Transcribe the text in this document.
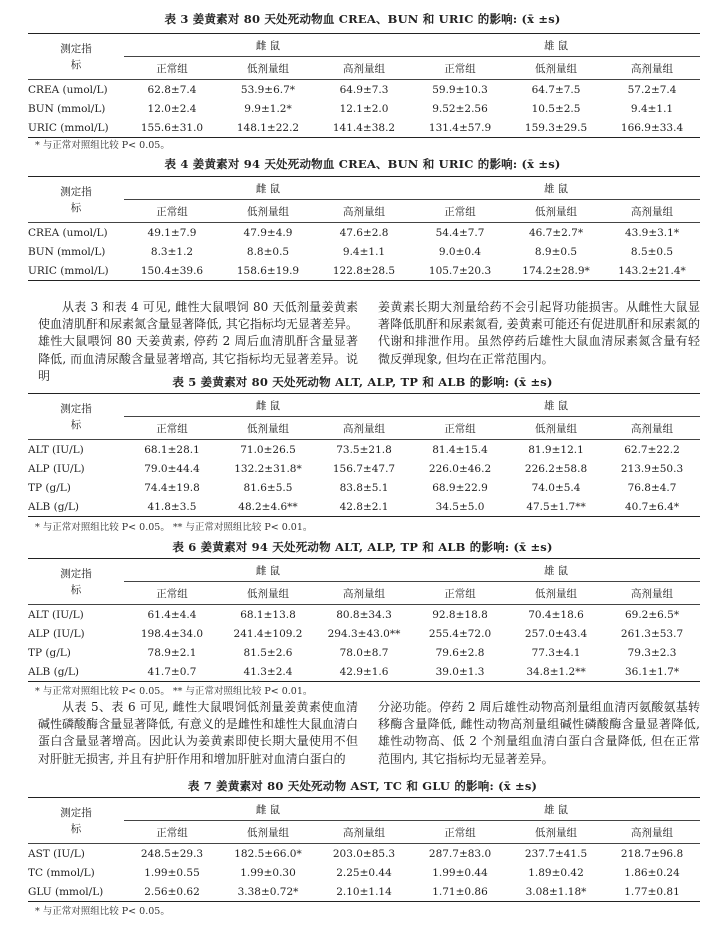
表 3 姜黄素对 80 天处死动物血 CREA、BUN 和 URIC 的影响: (x̄ ±s)
测定指标	雌 鼠			雄 鼠		
	正常组	低剂量组	高剂量组	正常组	低剂量组	高剂量组
CREA (umol/L)	62.8±7.4	53.9±6.7*	64.9±7.3	59.9±10.3	64.7±7.5	57.2±7.4
BUN (mmol/L)	12.0±2.4	9.9±1.2*	12.1±2.0	9.52±2.56	10.5±2.5	9.4±1.1
URIC (mmol/L)	155.6±31.0	148.1±22.2	141.4±38.2	131.4±57.9	159.3±29.5	166.9±33.4
* 与正常对照组比较 P< 0.05。
表 4 姜黄素对 94 天处死动物血 CREA、BUN 和 URIC 的影响: (x̄ ±s)
测定指标	雌 鼠			雄 鼠		
	正常组	低剂量组	高剂量组	正常组	低剂量组	高剂量组
CREA (umol/L)	49.1±7.9	47.9±4.9	47.6±2.8	54.4±7.7	46.7±2.7*	43.9±3.1*
BUN (mmol/L)	8.3±1.2	8.8±0.5	9.4±1.1	9.0±0.4	8.9±0.5	8.5±0.5
URIC (mmol/L)	150.4±39.6	158.6±19.9	122.8±28.5	105.7±20.3	174.2±28.9*	143.2±21.4*
从表 3 和表 4 可见, 雌性大鼠喂饲 80 天低剂量姜黄素使血清肌酐和尿素氮含量显著降低, 其它指标均无显著差异。雄性大鼠喂饲 80 天姜黄素, 停药 2 周后血清肌酐含量显著降低, 而血清尿酸含量显著增高, 其它指标均无显著差异。说明
姜黄素长期大剂量给药不会引起肾功能损害。从雌性大鼠显著降低肌酐和尿素氮看, 姜黄素可能还有促进肌酐和尿素氮的代谢和排泄作用。虽然停药后雄性大鼠血清尿素氮含量有轻微反弹现象, 但均在正常范围内。
表 5 姜黄素对 80 天处死动物 ALT, ALP, TP 和 ALB 的影响: (x̄ ±s)
测定指标	雌 鼠			雄 鼠		
	正常组	低剂量组	高剂量组	正常组	低剂量组	高剂量组
ALT (IU/L)	68.1±28.1	71.0±26.5	73.5±21.8	81.4±15.4	81.9±12.1	62.7±22.2
ALP (IU/L)	79.0±44.4	132.2±31.8*	156.7±47.7	226.0±46.2	226.2±58.8	213.9±50.3
TP (g/L)	74.4±19.8	81.6±5.5	83.8±5.1	68.9±22.9	74.0±5.4	76.8±4.7
ALB (g/L)	41.8±3.5	48.2±4.6**	42.8±2.1	34.5±5.0	47.5±1.7**	40.7±6.4*
* 与正常对照组比较 P< 0.05。 ** 与正常对照组比较 P< 0.01。
表 6 姜黄素对 94 天处死动物 ALT, ALP, TP 和 ALB 的影响: (x̄ ±s)
测定指标	雌 鼠			雄 鼠		
	正常组	低剂量组	高剂量组	正常组	低剂量组	高剂量组
ALT (IU/L)	61.4±4.4	68.1±13.8	80.8±34.3	92.8±18.8	70.4±18.6	69.2±6.5*
ALP (IU/L)	198.4±34.0	241.4±109.2	294.3±43.0**	255.4±72.0	257.0±43.4	261.3±53.7
TP (g/L)	78.9±2.1	81.5±2.6	78.0±8.7	79.6±2.8	77.3±4.1	79.3±2.3
ALB (g/L)	41.7±0.7	41.3±2.4	42.9±1.6	39.0±1.3	34.8±1.2**	36.1±1.7*
* 与正常对照组比较 P< 0.05。 ** 与正常对照组比较 P< 0.01。
从表 5、表 6 可见, 雌性大鼠喂饲低剂量姜黄素使血清碱性磷酸酶含量显著降低, 有意义的是雌性和雄性大鼠血清白蛋白含量显著增高。因此认为姜黄素即使长期大量使用不但对肝脏无损害, 并且有护肝作用和增加肝脏对血清白蛋白的
分泌功能。停药 2 周后雄性动物高剂量组血清丙氨酸氨基转移酶含量降低, 雌性动物高剂量组碱性磷酸酶含量显著降低, 雄性动物高、低 2 个剂量组血清白蛋白含量降低, 但在正常范围内, 其它指标均无显著差异。
表 7 姜黄素对 80 天处死动物 AST, TC 和 GLU 的影响: (x̄ ±s)
测定指标	雌 鼠			雄 鼠		
	正常组	低剂量组	高剂量组	正常组	低剂量组	高剂量组
AST (IU/L)	248.5±29.3	182.5±66.0*	203.0±85.3	287.7±83.0	237.7±41.5	218.7±96.8
TC (mmol/L)	1.99±0.55	1.99±0.30	2.25±0.44	1.99±0.44	1.89±0.42	1.86±0.24
GLU (mmol/L)	2.56±0.62	3.38±0.72*	2.10±1.14	1.71±0.86	3.08±1.18*	1.77±0.81
* 与正常对照组比较 P< 0.05。
